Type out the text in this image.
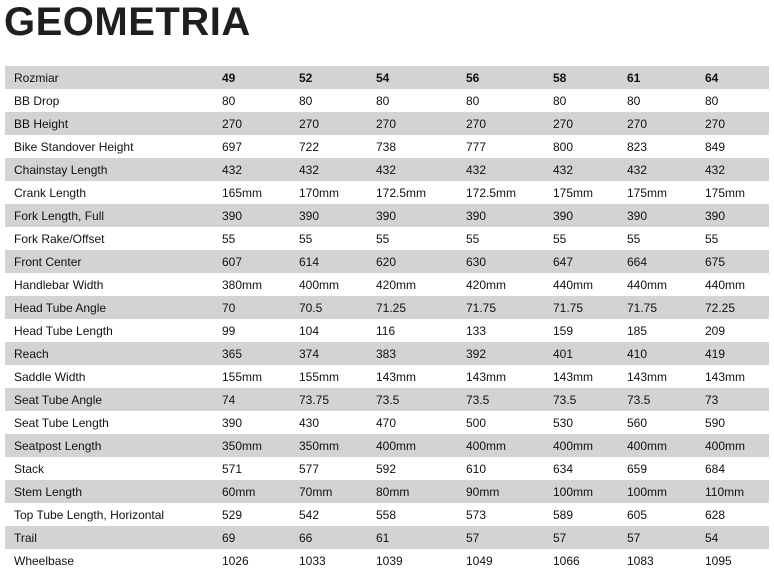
GEOMETRIA
Rozmiar	49	52	54	56	58	61	64
BB Drop	80	80	80	80	80	80	80
BB Height	270	270	270	270	270	270	270
Bike Standover Height	697	722	738	777	800	823	849
Chainstay Length	432	432	432	432	432	432	432
Crank Length	165mm	170mm	172.5mm	172.5mm	175mm	175mm	175mm
Fork Length, Full	390	390	390	390	390	390	390
Fork Rake/Offset	55	55	55	55	55	55	55
Front Center	607	614	620	630	647	664	675
Handlebar Width	380mm	400mm	420mm	420mm	440mm	440mm	440mm
Head Tube Angle	70	70.5	71.25	71.75	71.75	71.75	72.25
Head Tube Length	99	104	116	133	159	185	209
Reach	365	374	383	392	401	410	419
Saddle Width	155mm	155mm	143mm	143mm	143mm	143mm	143mm
Seat Tube Angle	74	73.75	73.5	73.5	73.5	73.5	73
Seat Tube Length	390	430	470	500	530	560	590
Seatpost Length	350mm	350mm	400mm	400mm	400mm	400mm	400mm
Stack	571	577	592	610	634	659	684
Stem Length	60mm	70mm	80mm	90mm	100mm	100mm	110mm
Top Tube Length, Horizontal	529	542	558	573	589	605	628
Trail	69	66	61	57	57	57	54
Wheelbase	1026	1033	1039	1049	1066	1083	1095
